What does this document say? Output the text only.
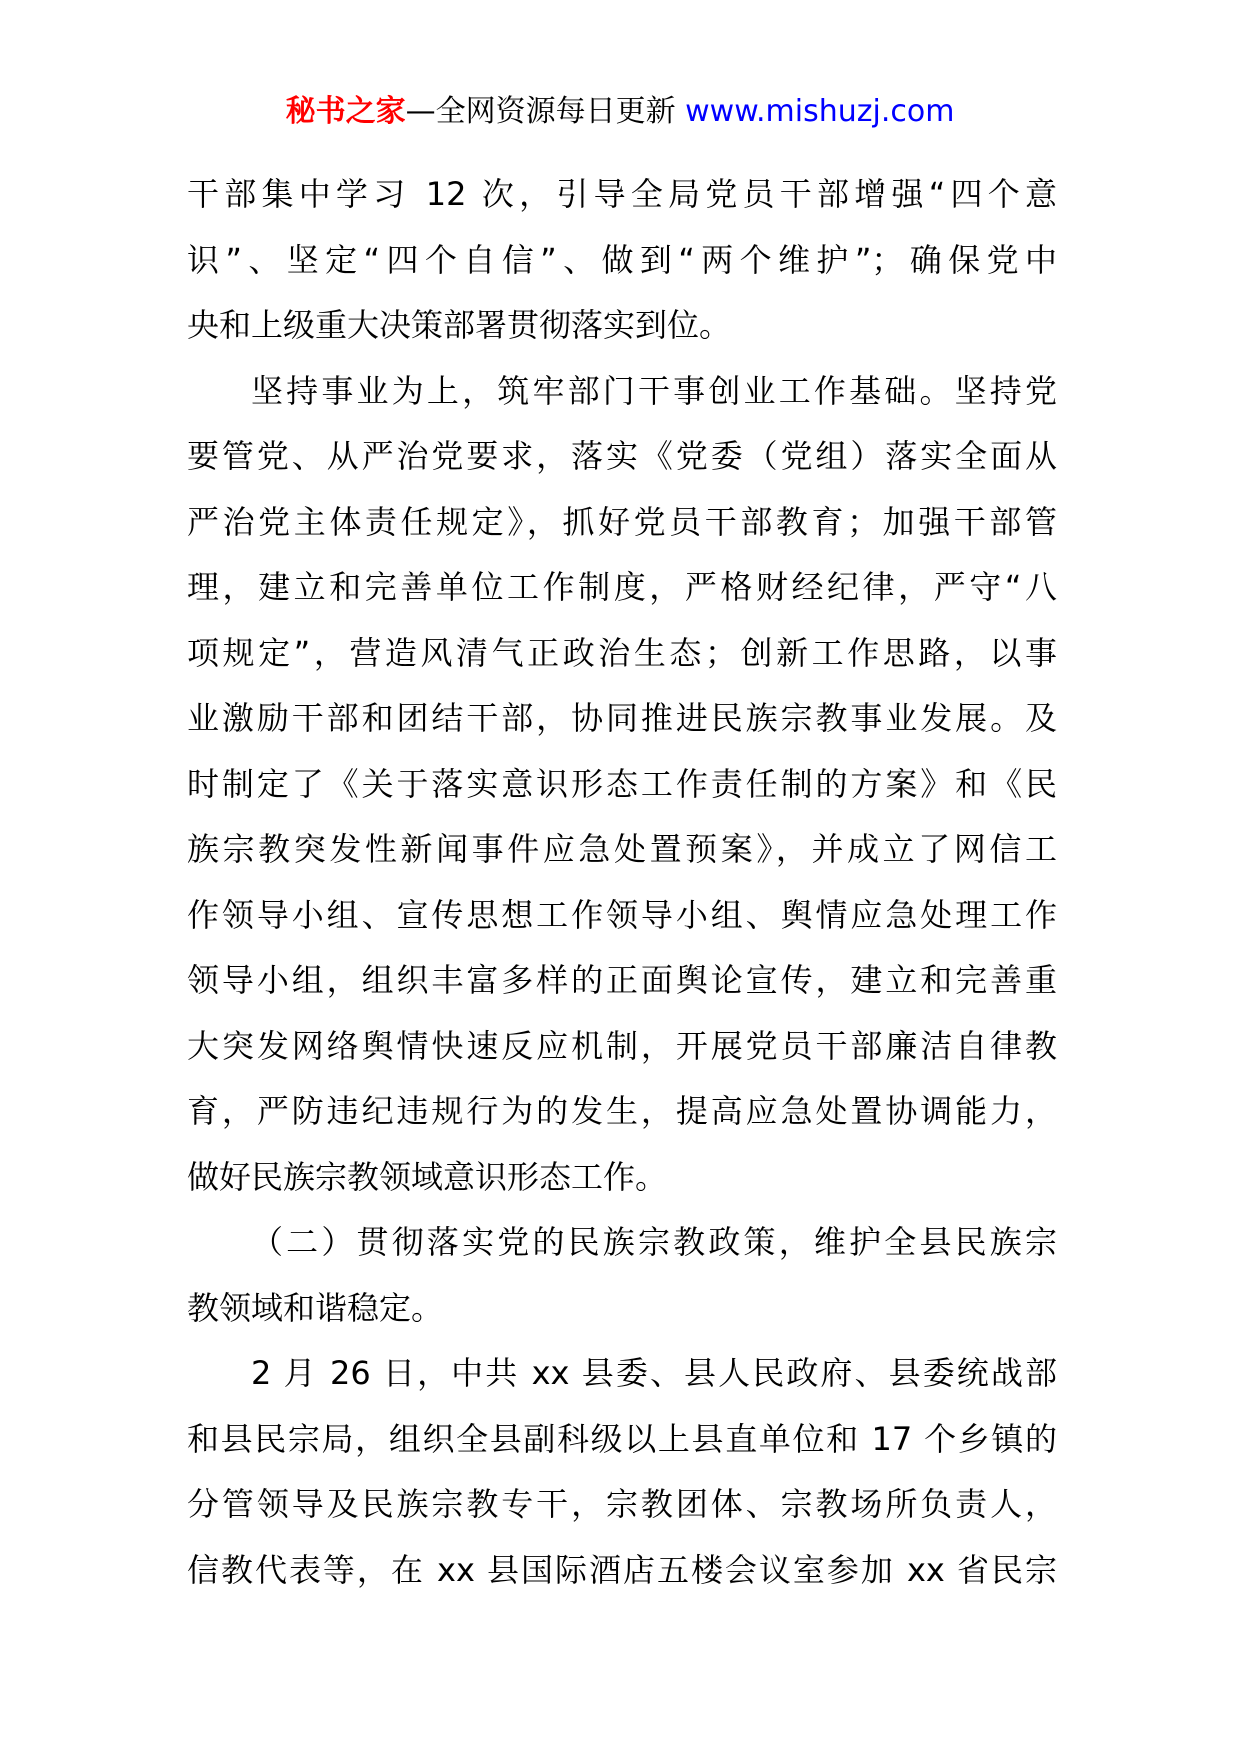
秘书之家—全网资源每日更新 www.mishuzj.com
干部集中学习 12 次，引导全局党员干部增强“四个意
识”、坚定“四个自信”、做到“两个维护”；确保党中
央和上级重大决策部署贯彻落实到位。
坚持事业为上，筑牢部门干事创业工作基础。坚持党
要管党、从严治党要求，落实《党委（党组）落实全面从
严治党主体责任规定》，抓好党员干部教育；加强干部管
理，建立和完善单位工作制度，严格财经纪律，严守“八
项规定”，营造风清气正政治生态；创新工作思路，以事
业激励干部和团结干部，协同推进民族宗教事业发展。及
时制定了《关于落实意识形态工作责任制的方案》和《民
族宗教突发性新闻事件应急处置预案》，并成立了网信工
作领导小组、宣传思想工作领导小组、舆情应急处理工作
领导小组，组织丰富多样的正面舆论宣传，建立和完善重
大突发网络舆情快速反应机制，开展党员干部廉洁自律教
育，严防违纪违规行为的发生，提高应急处置协调能力，
做好民族宗教领域意识形态工作。
（二）贯彻落实党的民族宗教政策，维护全县民族宗
教领域和谐稳定。
2 月 26 日，中共 xx 县委、县人民政府、县委统战部
和县民宗局，组织全县副科级以上县直单位和 17 个乡镇的
分管领导及民族宗教专干，宗教团体、宗教场所负责人，
信教代表等，在 xx 县国际酒店五楼会议室参加 xx 省民宗
